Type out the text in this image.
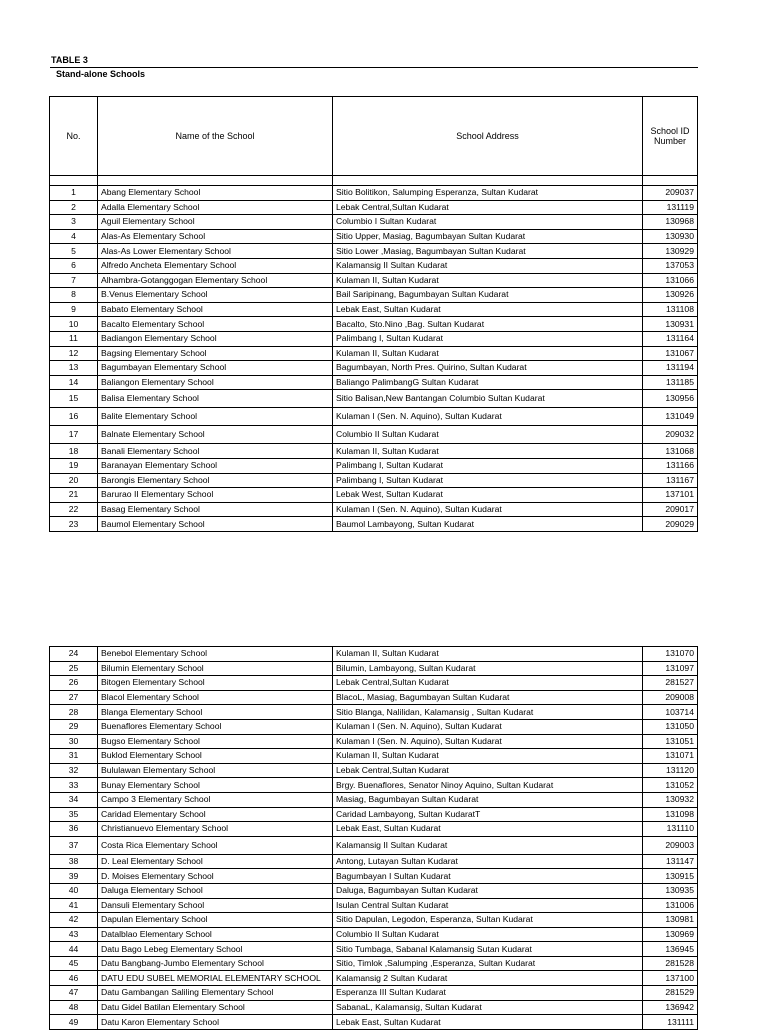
TABLE 3
Stand-alone Schools
No.	Name of the School	School Address	School ID Number

1	Abang Elementary School	Sitio Bolitikon, Salumping Esperanza, Sultan Kudarat	209037
2	Adalla Elementary School	Lebak Central,Sultan Kudarat	131119
3	Aguil Elementary School	Columbio I Sultan Kudarat	130968
4	Alas-As Elementary School	Sitio Upper, Masiag, Bagumbayan Sultan Kudarat	130930
5	Alas-As Lower Elementary School	Sitio Lower ,Masiag, Bagumbayan Sultan Kudarat	130929
6	Alfredo Ancheta Elementary School	Kalamansig II Sultan Kudarat	137053
7	Alhambra-Gotanggogan Elementary School	Kulaman II, Sultan Kudarat	131066
8	B.Venus Elementary School	Bail Saripinang, Bagumbayan Sultan Kudarat	130926
9	Babato Elementary School	Lebak East, Sultan Kudarat	131108
10	Bacalto Elementary School	Bacalto, Sto.Nino ,Bag. Sultan Kudarat	130931
11	Badiangon Elementary School	Palimbang I, Sultan Kudarat	131164
12	Bagsing Elementary School	Kulaman II, Sultan Kudarat	131067
13	Bagumbayan Elementary School	Bagumbayan, North Pres. Quirino, Sultan Kudarat	131194
14	Baliangon Elementary School	Baliango PalimbangG Sultan Kudarat	131185
15	Balisa Elementary School	Sitio Balisan,New Bantangan Columbio Sultan Kudarat	130956
16	Balite Elementary School	Kulaman I (Sen. N. Aquino), Sultan Kudarat	131049
17	Balnate Elementary School	Columbio II Sultan Kudarat	209032
18	Banali Elementary School	Kulaman II, Sultan Kudarat	131068
19	Baranayan Elementary School	Palimbang I, Sultan Kudarat	131166
20	Barongis Elementary School	Palimbang I, Sultan Kudarat	131167
21	Barurao II Elementary School	Lebak West, Sultan Kudarat	137101
22	Basag Elementary School	Kulaman I (Sen. N. Aquino), Sultan Kudarat	209017
23	Baumol Elementary School	Baumol Lambayong, Sultan Kudarat	209029
24	Benebol Elementary School	Kulaman II, Sultan Kudarat	131070
25	Bilumin Elementary School	Bilumin, Lambayong, Sultan Kudarat	131097
26	Bitogen Elementary School	Lebak Central,Sultan Kudarat	281527
27	Blacol Elementary School	BlacoL, Masiag, Bagumbayan Sultan Kudarat	209008
28	Blanga Elementary School	Sitio Blanga, Nalilidan, Kalamansig , Sultan Kudarat	103714
29	Buenaflores Elementary School	Kulaman I (Sen. N. Aquino), Sultan Kudarat	131050
30	Bugso Elementary School	Kulaman I (Sen. N. Aquino), Sultan Kudarat	131051
31	Buklod Elementary School	Kulaman II, Sultan Kudarat	131071
32	Bululawan Elementary School	Lebak Central,Sultan Kudarat	131120
33	Bunay Elementary School	Brgy. Buenaflores, Senator Ninoy Aquino, Sultan Kudarat	131052
34	Campo 3 Elementary School	Masiag, Bagumbayan Sultan Kudarat	130932
35	Caridad Elementary School	Caridad Lambayong, Sultan KudaratT	131098
36	Christianuevo Elementary School	Lebak East, Sultan Kudarat	131110
37	Costa Rica Elementary School	Kalamansig II Sultan Kudarat	209003
38	D. Leal Elementary School	Antong, Lutayan Sultan Kudarat	131147
39	D. Moises Elementary School	Bagumbayan I Sultan Kudarat	130915
40	Daluga Elementary School	Daluga, Bagumbayan Sultan Kudarat	130935
41	Dansuli Elementary School	Isulan Central Sultan Kudarat	131006
42	Dapulan Elementary School	Sitio Dapulan, Legodon, Esperanza, Sultan Kudarat	130981
43	Datalblao Elementary School	Columbio II Sultan Kudarat	130969
44	Datu Bago Lebeg Elementary School	Sitio Tumbaga, Sabanal Kalamansig Sutan Kudarat	136945
45	Datu Bangbang-Jumbo Elementary School	Sitio, Timlok ,Salumping ,Esperanza, Sultan Kudarat	281528
46	DATU EDU SUBEL MEMORIAL ELEMENTARY SCHOOL	Kalamansig 2 Sultan Kudarat	137100
47	Datu Gambangan Saliling Elementary School	Esperanza III Sultan Kudarat	281529
48	Datu Gidel Batilan Elementary School	SabanaL, Kalamansig, Sultan Kudarat	136942
49	Datu Karon Elementary School	Lebak East, Sultan Kudarat	131111
